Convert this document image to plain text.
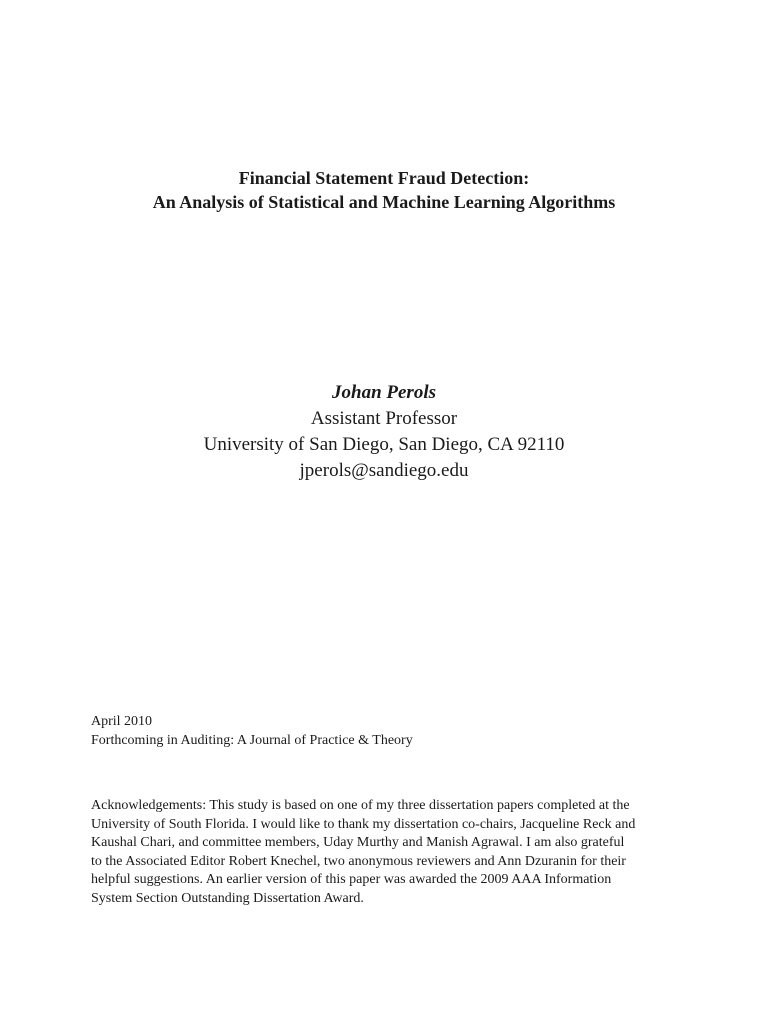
Financial Statement Fraud Detection:
An Analysis of Statistical and Machine Learning Algorithms
Johan Perols
Assistant Professor
University of San Diego, San Diego, CA 92110
jperols@sandiego.edu
April 2010
Forthcoming in Auditing: A Journal of Practice & Theory
Acknowledgements: This study is based on one of my three dissertation papers completed at the
University of South Florida. I would like to thank my dissertation co-chairs, Jacqueline Reck and
Kaushal Chari, and committee members, Uday Murthy and Manish Agrawal. I am also grateful
to the Associated Editor Robert Knechel, two anonymous reviewers and Ann Dzuranin for their
helpful suggestions. An earlier version of this paper was awarded the 2009 AAA Information
System Section Outstanding Dissertation Award.
